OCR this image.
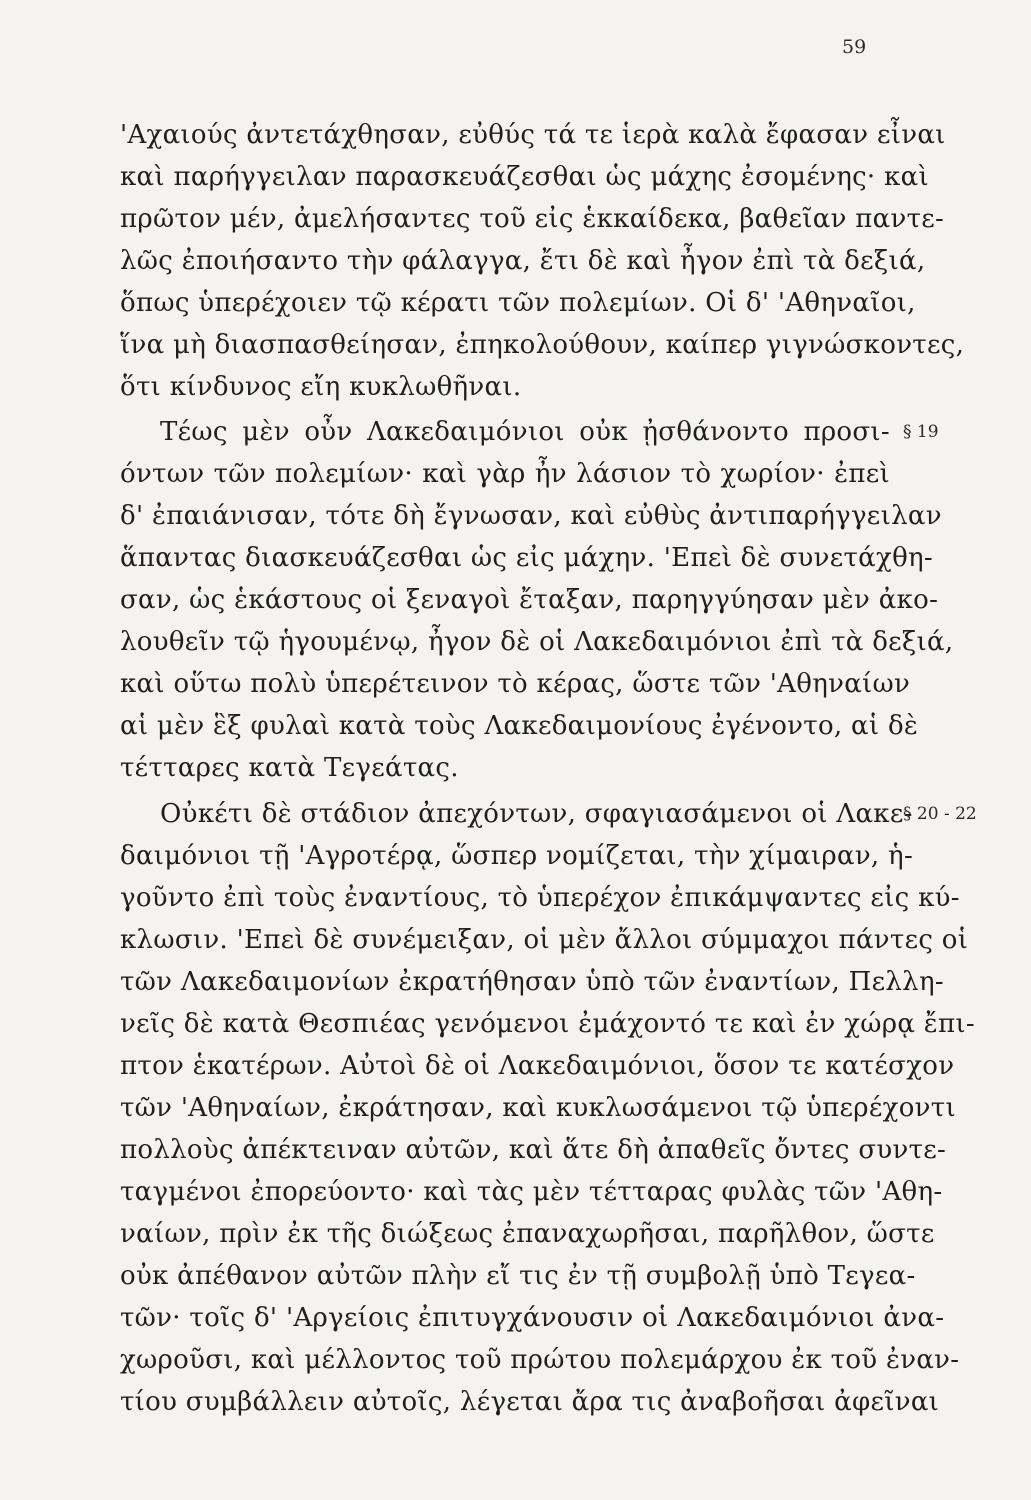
59
'Αχαιούς ἀντετάχθησαν, εὐθύς τά τε ἱερὰ καλὰ ἔφασαν εἶναι
καὶ παρήγγειλαν παρασκευάζεσθαι ὡς μάχης ἐσομένης· καὶ
πρῶτον μέν, ἀμελήσαντες τοῦ εἰς ἑκκαίδεκα, βαθεῖαν παντε-
λῶς ἐποιήσαντο τὴν φάλαγγα, ἔτι δὲ καὶ ἦγον ἐπὶ τὰ δεξιά,
ὅπως ὑπερέχοιεν τῷ κέρατι τῶν πολεμίων. Οἱ δ' 'Αθηναῖοι,
ἵνα μὴ διασπασθείησαν, ἐπηκολούθουν, καίπερ γιγνώσκοντες,
ὅτι κίνδυνος εἴη κυκλωθῆναι.
Τέως μὲν οὖν Λακεδαιμόνιοι οὐκ ᾐσθάνοντο προσι- § 19
όντων τῶν πολεμίων· καὶ γὰρ ἦν λάσιον τὸ χωρίον· ἐπεὶ
δ' ἐπαιάνισαν, τότε δὴ ἔγνωσαν, καὶ εὐθὺς ἀντιπαρήγγειλαν
ἅπαντας διασκευάζεσθαι ὡς εἰς μάχην. 'Επεὶ δὲ συνετάχθη-
σαν, ὡς ἑκάστους οἱ ξεναγοὶ ἔταξαν, παρηγγύησαν μὲν ἀκο-
λουθεῖν τῷ ἡγουμένῳ, ἦγον δὲ οἱ Λακεδαιμόνιοι ἐπὶ τὰ δεξιά,
καὶ οὕτω πολὺ ὑπερέτεινον τὸ κέρας, ὥστε τῶν 'Αθηναίων
αἱ μὲν ἓξ φυλαὶ κατὰ τοὺς Λακεδαιμονίους ἐγένοντο, αἱ δὲ
τέτταρες κατὰ Τεγεάτας.
Οὐκέτι δὲ στάδιον ἀπεχόντων, σφαγιασάμενοι οἱ Λακε-
§ 20 - 22
δαιμόνιοι τῇ 'Αγροτέρᾳ, ὥσπερ νομίζεται, τὴν χίμαιραν, ἡ-
γοῦντο ἐπὶ τοὺς ἐναντίους, τὸ ὑπερέχον ἐπικάμψαντες εἰς κύ-
κλωσιν. 'Επεὶ δὲ συνέμειξαν, οἱ μὲν ἄλλοι σύμμαχοι πάντες οἱ
τῶν Λακεδαιμονίων ἐκρατήθησαν ὑπὸ τῶν ἐναντίων, Πελλη-
νεῖς δὲ κατὰ Θεσπιέας γενόμενοι ἐμάχοντό τε καὶ ἐν χώρᾳ ἔπι-
πτον ἑκατέρων. Αὐτοὶ δὲ οἱ Λακεδαιμόνιοι, ὅσον τε κατέσχον
τῶν 'Αθηναίων, ἐκράτησαν, καὶ κυκλωσάμενοι τῷ ὑπερέχοντι
πολλοὺς ἀπέκτειναν αὐτῶν, καὶ ἅτε δὴ ἀπαθεῖς ὄντες συντε-
ταγμένοι ἐπορεύοντο· καὶ τὰς μὲν τέτταρας φυλὰς τῶν 'Αθη-
ναίων, πρὶν ἐκ τῆς διώξεως ἐπαναχωρῆσαι, παρῆλθον, ὥστε
οὐκ ἀπέθανον αὐτῶν πλὴν εἴ τις ἐν τῇ συμβολῇ ὑπὸ Τεγεα-
τῶν· τοῖς δ' 'Αργείοις ἐπιτυγχάνουσιν οἱ Λακεδαιμόνιοι ἀνα-
χωροῦσι, καὶ μέλλοντος τοῦ πρώτου πολεμάρχου ἐκ τοῦ ἐναν-
τίου συμβάλλειν αὐτοῖς, λέγεται ἄρα τις ἀναβοῆσαι ἀφεῖναι
